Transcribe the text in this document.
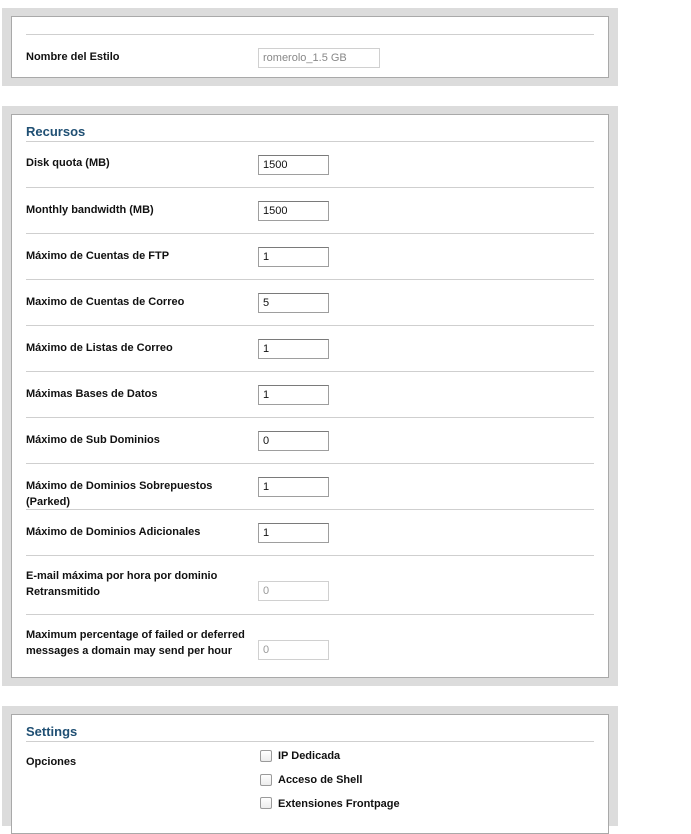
Nombre del Estilo
romerolo_1.5 GB
Recursos
Disk quota (MB)
1500
Monthly bandwidth (MB)
1500
Máximo de Cuentas de FTP
1
Maximo de Cuentas de Correo
5
Máximo de Listas de Correo
1
Máximas Bases de Datos
1
Máximo de Sub Dominios
0
Máximo de Dominios Sobrepuestos (Parked)
1
Máximo de Dominios Adicionales
1
E-mail máxima por hora por dominio
Retransmitido
0
Maximum percentage of failed or deferred
messages a domain may send per hour
0
Settings
Opciones	IP Dedicada
Acceso de Shell
Extensiones Frontpage
